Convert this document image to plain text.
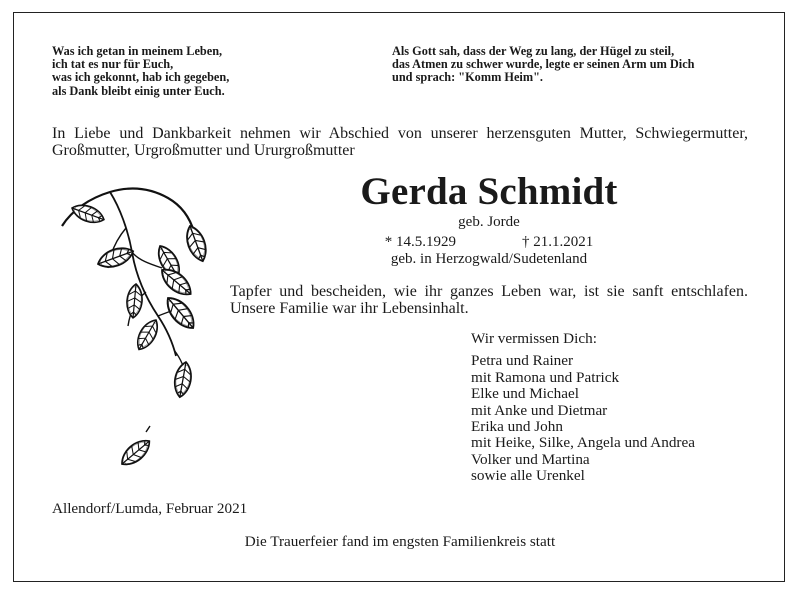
Was ich getan in meinem Leben,
ich tat es nur für Euch,
was ich gekonnt, hab ich gegeben,
als Dank bleibt einig unter Euch.
Als Gott sah, dass der Weg zu lang, der Hügel zu steil,
das Atmen zu schwer wurde, legte er seinen Arm um Dich
und sprach: "Komm Heim".
In Liebe und Dankbarkeit nehmen wir Abschied von unserer herzensguten Mutter, Schwiegermutter, Großmutter, Urgroßmutter und Ururgroßmutter
Gerda Schmidt
geb. Jorde
* 14.5.1929	† 21.1.2021
geb. in Herzogwald/Sudetenland
Tapfer und bescheiden, wie ihr ganzes Leben war, ist sie sanft entschlafen. Unsere Familie war ihr Lebensinhalt.
Wir vermissen Dich:
Petra und Rainer
mit Ramona und Patrick
Elke und Michael
mit Anke und Dietmar
Erika und John
mit Heike, Silke, Angela und Andrea
Volker und Martina
sowie alle Urenkel
Allendorf/Lumda, Februar 2021
Die Trauerfeier fand im engsten Familienkreis statt
